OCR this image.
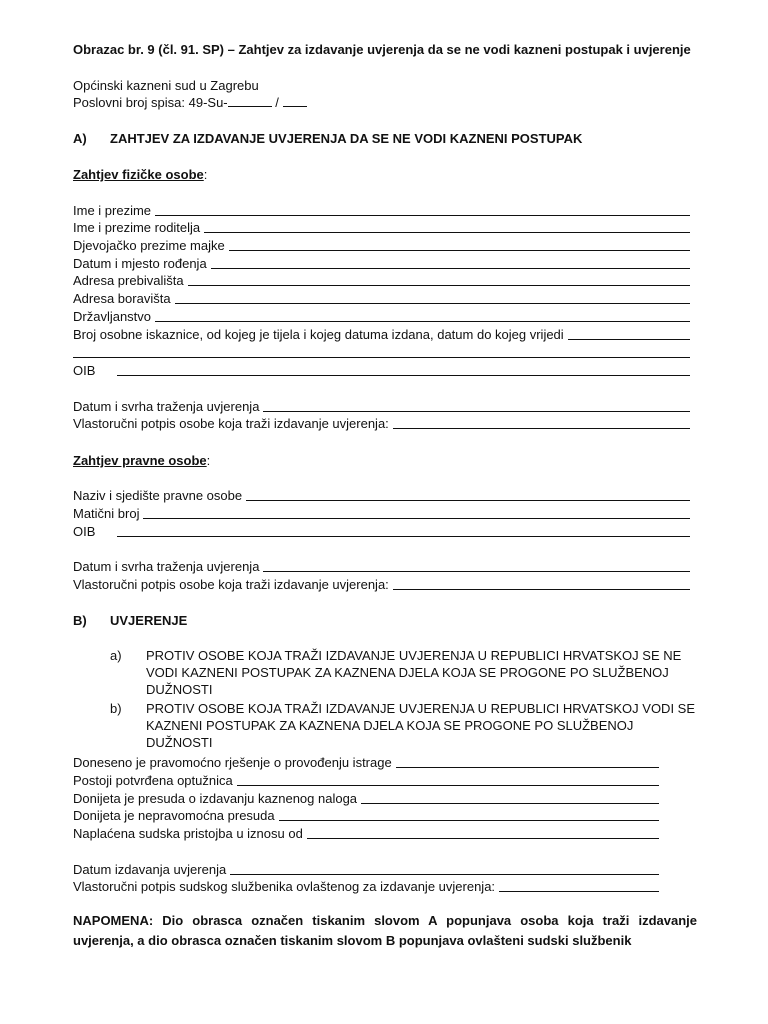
Obrazac br. 9 (čl. 91. SP) – Zahtjev za izdavanje uvjerenja da se ne vodi kazneni postupak i uvjerenje
Općinski kazneni sud u Zagrebu
Poslovni broj spisa: 49-Su-	/
A) ZAHTJEV ZA IZDAVANJE UVJERENJA DA SE NE VODI KAZNENI POSTUPAK
Zahtjev fizičke osobe:
Ime i prezime
Ime i prezime roditelja
Djevojačko prezime majke
Datum i mjesto rođenja
Adresa prebivališta
Adresa boravišta
Državljanstvo
Broj osobne iskaznice, od kojeg je tijela i kojeg datuma izdana, datum do kojeg vrijedi
OIB
Datum i svrha traženja uvjerenja
Vlastoručni potpis osobe koja traži izdavanje uvjerenja:
Zahtjev pravne osobe:
Naziv i sjedište pravne osobe
Matični broj
OIB
Datum i svrha traženja uvjerenja
Vlastoručni potpis osobe koja traži izdavanje uvjerenja:
B) UVJERENJE
a)	PROTIV OSOBE KOJA TRAŽI IZDAVANJE UVJERENJA U REPUBLICI HRVATSKOJ SE NE VODI KAZNENI POSTUPAK ZA KAZNENA DJELA KOJA SE PROGONE PO SLUŽBENOJ DUŽNOSTI
b)	PROTIV OSOBE KOJA TRAŽI IZDAVANJE UVJERENJA U REPUBLICI HRVATSKOJ VODI SE KAZNENI POSTUPAK ZA KAZNENA DJELA KOJA SE PROGONE PO SLUŽBENOJ DUŽNOSTI
Doneseno je pravomoćno rješenje o provođenju istrage
Postoji potvrđena optužnica
Donijeta je presuda o izdavanju kaznenog naloga
Donijeta je nepravomoćna presuda
Naplaćena sudska pristojba u iznosu od
Datum izdavanja uvjerenja
Vlastoručni potpis sudskog službenika ovlaštenog za izdavanje uvjerenja:
NAPOMENA: Dio obrasca označen tiskanim slovom A popunjava osoba koja traži izdavanje uvjerenja, a dio obrasca označen tiskanim slovom B popunjava ovlašteni sudski službenik
